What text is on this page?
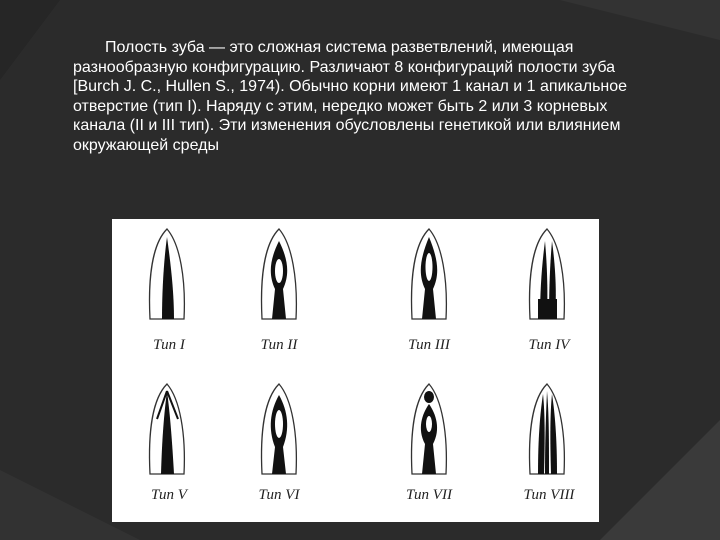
Полость зуба — это сложная система разветвлений, имеющая разнообразную конфигурацию. Различают 8 конфигураций полости зуба [Burch J. C., Hullen S., 1974). Обычно корни имеют 1 канал и 1 апикальное отверстие (тип I). Наряду с этим, нередко может быть 2 или 3 корневых канала (II и III тип). Эти изменения обусловлены генетикой или влиянием окружающей среды
Тип I	Тип II	Тип III	Тип IV
Тип V	Тип VI	Тип VII	Тип VIII
